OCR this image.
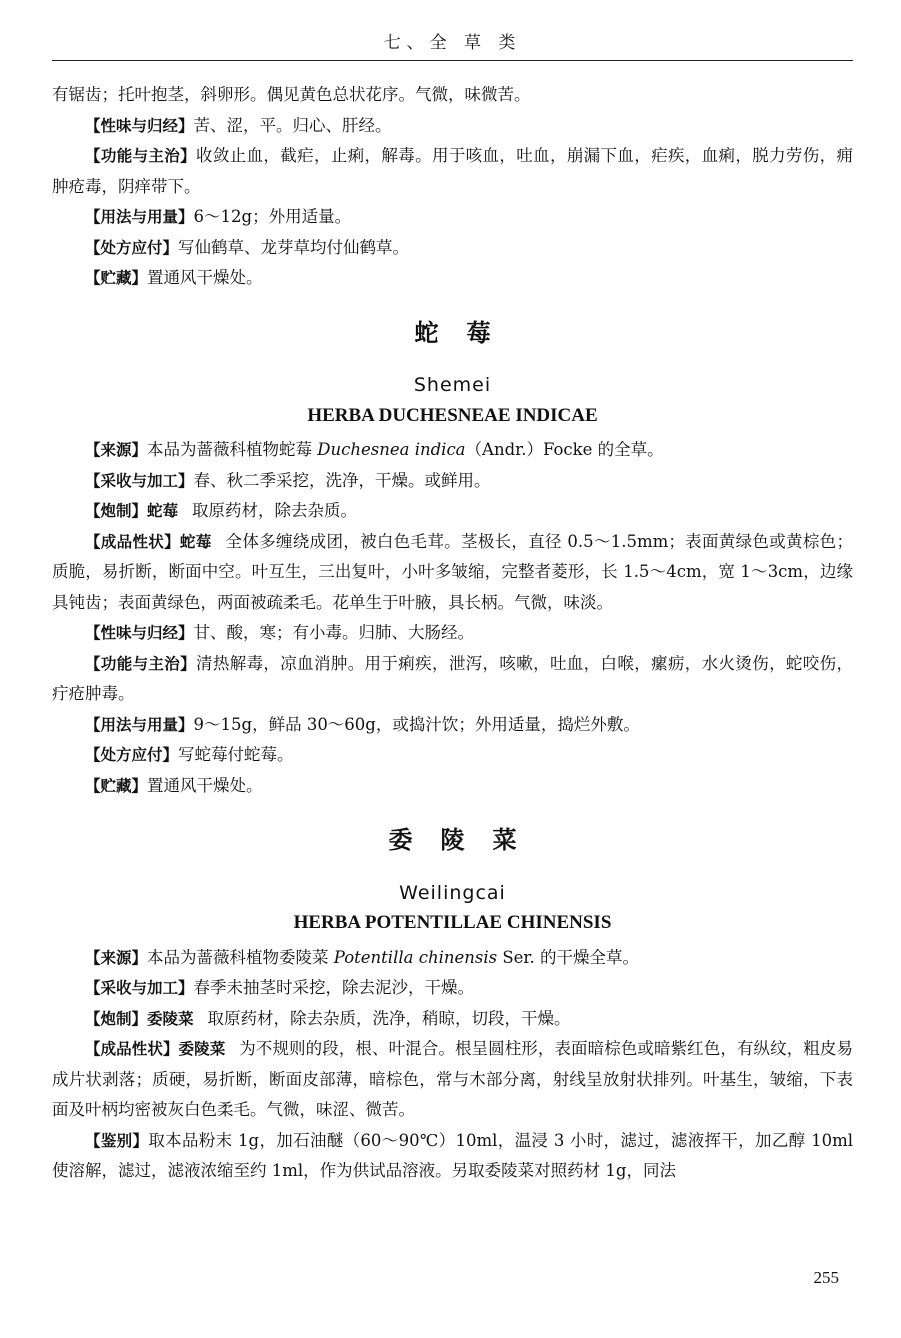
七、全 草 类

有锯齿；托叶抱茎，斜卵形。偶见黄色总状花序。气微，味微苦。

【性味与归经】苦、涩，平。归心、肝经。

【功能与主治】收敛止血，截疟，止痢，解毒。用于咳血，吐血，崩漏下血，疟疾，血痢，脱力劳伤，痈肿疮毒，阴痒带下。

【用法与用量】6～12g；外用适量。

【处方应付】写仙鹤草、龙芽草均付仙鹤草。

【贮藏】置通风干燥处。

蛇莓

Shemei

HERBA DUCHESNEAE INDICAE

【来源】本品为蔷薇科植物蛇莓 Duchesnea indica（Andr.）Focke 的全草。

【采收与加工】春、秋二季采挖，洗净，干燥。或鲜用。

【炮制】蛇莓 取原药材，除去杂质。

【成品性状】蛇莓 全体多缠绕成团，被白色毛茸。茎极长，直径 0.5～1.5mm；表面黄绿色或黄棕色；质脆，易折断，断面中空。叶互生，三出复叶，小叶多皱缩，完整者菱形，长 1.5～4cm，宽 1～3cm，边缘具钝齿；表面黄绿色，两面被疏柔毛。花单生于叶腋，具长柄。气微，味淡。

【性味与归经】甘、酸，寒；有小毒。归肺、大肠经。

【功能与主治】清热解毒，凉血消肿。用于痢疾，泄泻，咳嗽，吐血，白喉，瘰疬，水火烫伤，蛇咬伤，疔疮肿毒。

【用法与用量】9～15g，鲜品 30～60g，或捣汁饮；外用适量，捣烂外敷。

【处方应付】写蛇莓付蛇莓。

【贮藏】置通风干燥处。

委陵菜

Weilingcai

HERBA POTENTILLAE CHINENSIS

【来源】本品为蔷薇科植物委陵菜 Potentilla chinensis Ser. 的干燥全草。

【采收与加工】春季未抽茎时采挖，除去泥沙，干燥。

【炮制】委陵菜 取原药材，除去杂质，洗净，稍晾，切段，干燥。

【成品性状】委陵菜 为不规则的段，根、叶混合。根呈圆柱形，表面暗棕色或暗紫红色，有纵纹，粗皮易成片状剥落；质硬，易折断，断面皮部薄，暗棕色，常与木部分离，射线呈放射状排列。叶基生，皱缩，下表面及叶柄均密被灰白色柔毛。气微，味涩、微苦。

【鉴别】取本品粉末 1g，加石油醚（60～90℃）10ml，温浸 3 小时，滤过，滤液挥干，加乙醇 10ml 使溶解，滤过，滤液浓缩至约 1ml，作为供试品溶液。另取委陵菜对照药材 1g，同法

255
